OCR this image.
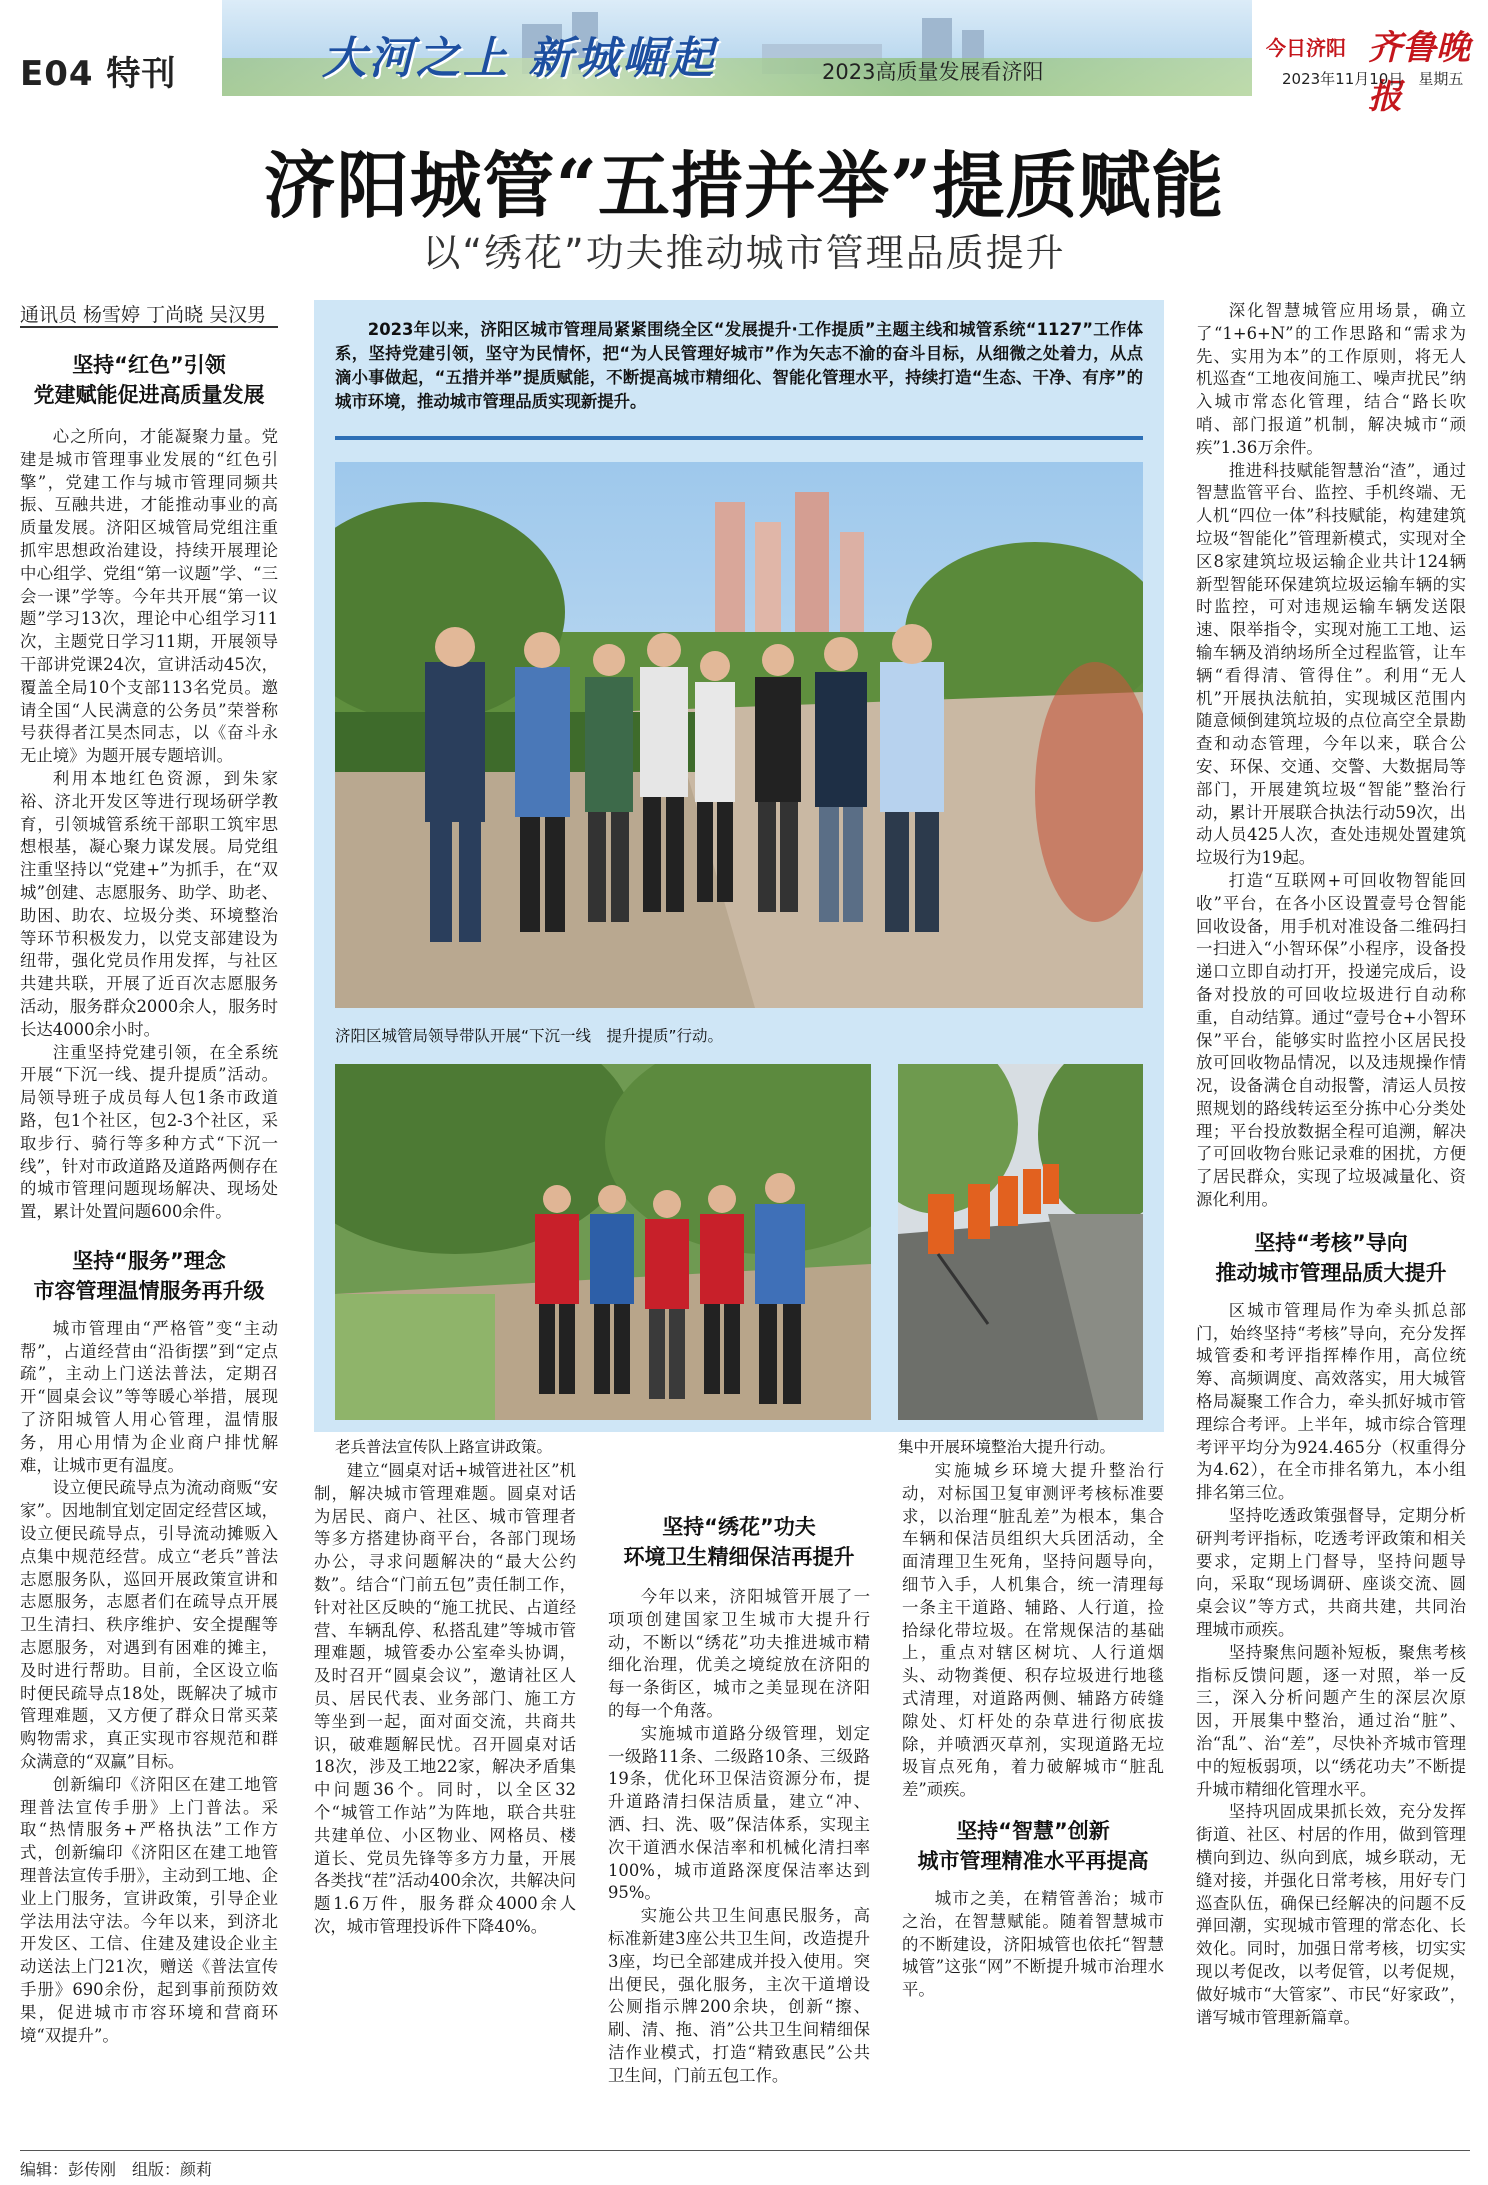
E04 特刊	大河之上 新城崛起	2023高质量发展看济阳
今日济阳 齐鲁晚报
2023年11月10日　星期五
济阳城管“五措并举”提质赋能
以“绣花”功夫推动城市管理品质提升
通讯员 杨雪婷 丁尚晓 吴汉男
坚持“红色”引领
党建赋能促进高质量发展

心之所向，才能凝聚力量。党建是城市管理事业发展的“红色引擎”，党建工作与城市管理同频共振、互融共进，才能推动事业的高质量发展。济阳区城管局党组注重抓牢思想政治建设，持续开展理论中心组学、党组“第一议题”学、“三会一课”学等。今年共开展“第一议题”学习13次，理论中心组学习11次，主题党日学习11期，开展领导干部讲党课24次，宣讲活动45次，覆盖全局10个支部113名党员。邀请全国“人民满意的公务员”荣誉称号获得者江昊杰同志，以《奋斗永无止境》为题开展专题培训。

利用本地红色资源，到朱家裕、济北开发区等进行现场研学教育，引领城管系统干部职工筑牢思想根基，凝心聚力谋发展。局党组注重坚持以“党建+”为抓手，在“双城”创建、志愿服务、助学、助老、助困、助农、垃圾分类、环境整治等环节积极发力，以党支部建设为纽带，强化党员作用发挥，与社区共建共联，开展了近百次志愿服务活动，服务群众2000余人，服务时长达4000余小时。

注重坚持党建引领，在全系统开展“下沉一线、提升提质”活动。局领导班子成员每人包1条市政道路，包1个社区，包2-3个社区，采取步行、骑行等多种方式“下沉一线”，针对市政道路及道路两侧存在的城市管理问题现场解决、现场处置，累计处置问题600余件。

坚持“服务”理念
市容管理温情服务再升级

城市管理由“严格管”变“主动帮”，占道经营由“沿街摆”到“定点疏”，主动上门送法普法，定期召开“圆桌会议”等等暖心举措，展现了济阳城管人用心管理，温情服务，用心用情为企业商户排忧解难，让城市更有温度。

设立便民疏导点为流动商贩“安家”。因地制宜划定固定经营区域，设立便民疏导点，引导流动摊贩入点集中规范经营。成立“老兵”普法志愿服务队，巡回开展政策宣讲和志愿服务，志愿者们在疏导点开展卫生清扫、秩序维护、安全提醒等志愿服务，对遇到有困难的摊主，及时进行帮助。目前，全区设立临时便民疏导点18处，既解决了城市管理难题，又方便了群众日常买菜购物需求，真正实现市容规范和群众满意的“双赢”目标。

创新编印《济阳区在建工地管理普法宣传手册》上门普法。采取“热情服务+严格执法”工作方式，创新编印《济阳区在建工地管理普法宣传手册》，主动到工地、企业上门服务，宣讲政策，引导企业学法用法守法。今年以来，到济北开发区、工信、住建及建设企业主动送法上门21次，赠送《普法宣传手册》690余份，起到事前预防效果，促进城市市容环境和营商环境“双提升”。

2023年以来，济阳区城市管理局紧紧围绕全区“发展提升·工作提质”主题主线和城管系统“1127”工作体系，坚持党建引领，坚守为民情怀，把“为人民管理好城市”作为矢志不渝的奋斗目标，从细微之处着力，从点滴小事做起，“五措并举”提质赋能，不断提高城市精细化、智能化管理水平，持续打造“生态、干净、有序”的城市环境，推动城市管理品质实现新提升。

济阳区城管局领导带队开展“下沉一线　提升提质”行动。
老兵普法宣传队上路宣讲政策。	集中开展环境整治大提升行动。

建立“圆桌对话+城管进社区”机制，解决城市管理难题。圆桌对话为居民、商户、社区、城市管理者等多方搭建协商平台，各部门现场办公，寻求问题解决的“最大公约数”。结合“门前五包”责任制工作，针对社区反映的“施工扰民、占道经营、车辆乱停、私搭乱建”等城市管理难题，城管委办公室牵头协调，及时召开“圆桌会议”，邀请社区人员、居民代表、业务部门、施工方等坐到一起，面对面交流，共商共识，破难题解民忧。召开圆桌对话18次，涉及工地22家，解决矛盾集中问题36个。同时，以全区32个“城管工作站”为阵地，联合共驻共建单位、小区物业、网格员、楼道长、党员先锋等多方力量，开展各类找“茬”活动400余次，共解决问题1.6万件，服务群众4000余人次，城市管理投诉件下降40%。

坚持“绣花”功夫
环境卫生精细保洁再提升

今年以来，济阳城管开展了一项项创建国家卫生城市大提升行动，不断以“绣花”功夫推进城市精细化治理，优美之境绽放在济阳的每一条街区，城市之美显现在济阳的每一个角落。

实施城市道路分级管理，划定一级路11条、二级路10条、三级路19条，优化环卫保洁资源分布，提升道路清扫保洁质量，建立“冲、洒、扫、洗、吸”保洁体系，实现主次干道洒水保洁率和机械化清扫率100%，城市道路深度保洁率达到95%。

实施公共卫生间惠民服务，高标准新建3座公共卫生间，改造提升3座，均已全部建成并投入使用。突出便民，强化服务，主次干道增设公厕指示牌200余块，创新“擦、刷、清、拖、消”公共卫生间精细保洁作业模式，打造“精致惠民”公共卫生间，门前五包工作。

实施城乡环境大提升整治行动，对标国卫复审测评考核标准要求，以治理“脏乱差”为根本，集合车辆和保洁员组织大兵团活动，全面清理卫生死角，坚持问题导向，细节入手，人机集合，统一清理每一条主干道路、辅路、人行道，捡拾绿化带垃圾。在常规保洁的基础上，重点对辖区树坑、人行道烟头、动物粪便、积存垃圾进行地毯式清理，对道路两侧、辅路方砖缝隙处、灯杆处的杂草进行彻底拔除，并喷洒灭草剂，实现道路无垃圾盲点死角，着力破解城市“脏乱差”顽疾。

坚持“智慧”创新
城市管理精准水平再提高

城市之美，在精管善治；城市之治，在智慧赋能。随着智慧城市的不断建设，济阳城管也依托“智慧城管”这张“网”不断提升城市治理水平。

深化智慧城管应用场景，确立了“1+6+N”的工作思路和“需求为先、实用为本”的工作原则，将无人机巡查“工地夜间施工、噪声扰民”纳入城市常态化管理，结合“路长吹哨、部门报道”机制，解决城市“顽疾”1.36万余件。

推进科技赋能智慧治“渣”，通过智慧监管平台、监控、手机终端、无人机“四位一体”科技赋能，构建建筑垃圾“智能化”管理新模式，实现对全区8家建筑垃圾运输企业共计124辆新型智能环保建筑垃圾运输车辆的实时监控，可对违规运输车辆发送限速、限举指令，实现对施工工地、运输车辆及消纳场所全过程监管，让车辆“看得清、管得住”。利用“无人机”开展执法航拍，实现城区范围内随意倾倒建筑垃圾的点位高空全景勘查和动态管理，今年以来，联合公安、环保、交通、交警、大数据局等部门，开展建筑垃圾“智能”整治行动，累计开展联合执法行动59次，出动人员425人次，查处违规处置建筑垃圾行为19起。

打造“互联网+可回收物智能回收”平台，在各小区设置壹号仓智能回收设备，用手机对准设备二维码扫一扫进入“小智环保”小程序，设备投递口立即自动打开，投递完成后，设备对投放的可回收垃圾进行自动称重，自动结算。通过“壹号仓+小智环保”平台，能够实时监控小区居民投放可回收物品情况，以及违规操作情况，设备满仓自动报警，清运人员按照规划的路线转运至分拣中心分类处理；平台投放数据全程可追溯，解决了可回收物台账记录难的困扰，方便了居民群众，实现了垃圾减量化、资源化利用。

坚持“考核”导向
推动城市管理品质大提升

区城市管理局作为牵头抓总部门，始终坚持“考核”导向，充分发挥城管委和考评指挥棒作用，高位统筹、高频调度、高效落实，用大城管格局凝聚工作合力，牵头抓好城市管理综合考评。上半年，城市综合管理考评平均分为924.465分（权重得分为4.62），在全市排名第九，本小组排名第三位。

坚持吃透政策强督导，定期分析研判考评指标，吃透考评政策和相关要求，定期上门督导，坚持问题导向，采取“现场调研、座谈交流、圆桌会议”等方式，共商共建，共同治理城市顽疾。

坚持聚焦问题补短板，聚焦考核指标反馈问题，逐一对照，举一反三，深入分析问题产生的深层次原因，开展集中整治，通过治“脏”、治“乱”、治“差”，尽快补齐城市管理中的短板弱项，以“绣花功夫”不断提升城市精细化管理水平。

坚持巩固成果抓长效，充分发挥街道、社区、村居的作用，做到管理横向到边、纵向到底，城乡联动，无缝对接，并强化日常考核，用好专门巡查队伍，确保已经解决的问题不反弹回潮，实现城市管理的常态化、长效化。同时，加强日常考核，切实实现以考促改，以考促管，以考促规，做好城市“大管家”、市民“好家政”，谱写城市管理新篇章。

编辑：彭传刚　组版：颜莉
